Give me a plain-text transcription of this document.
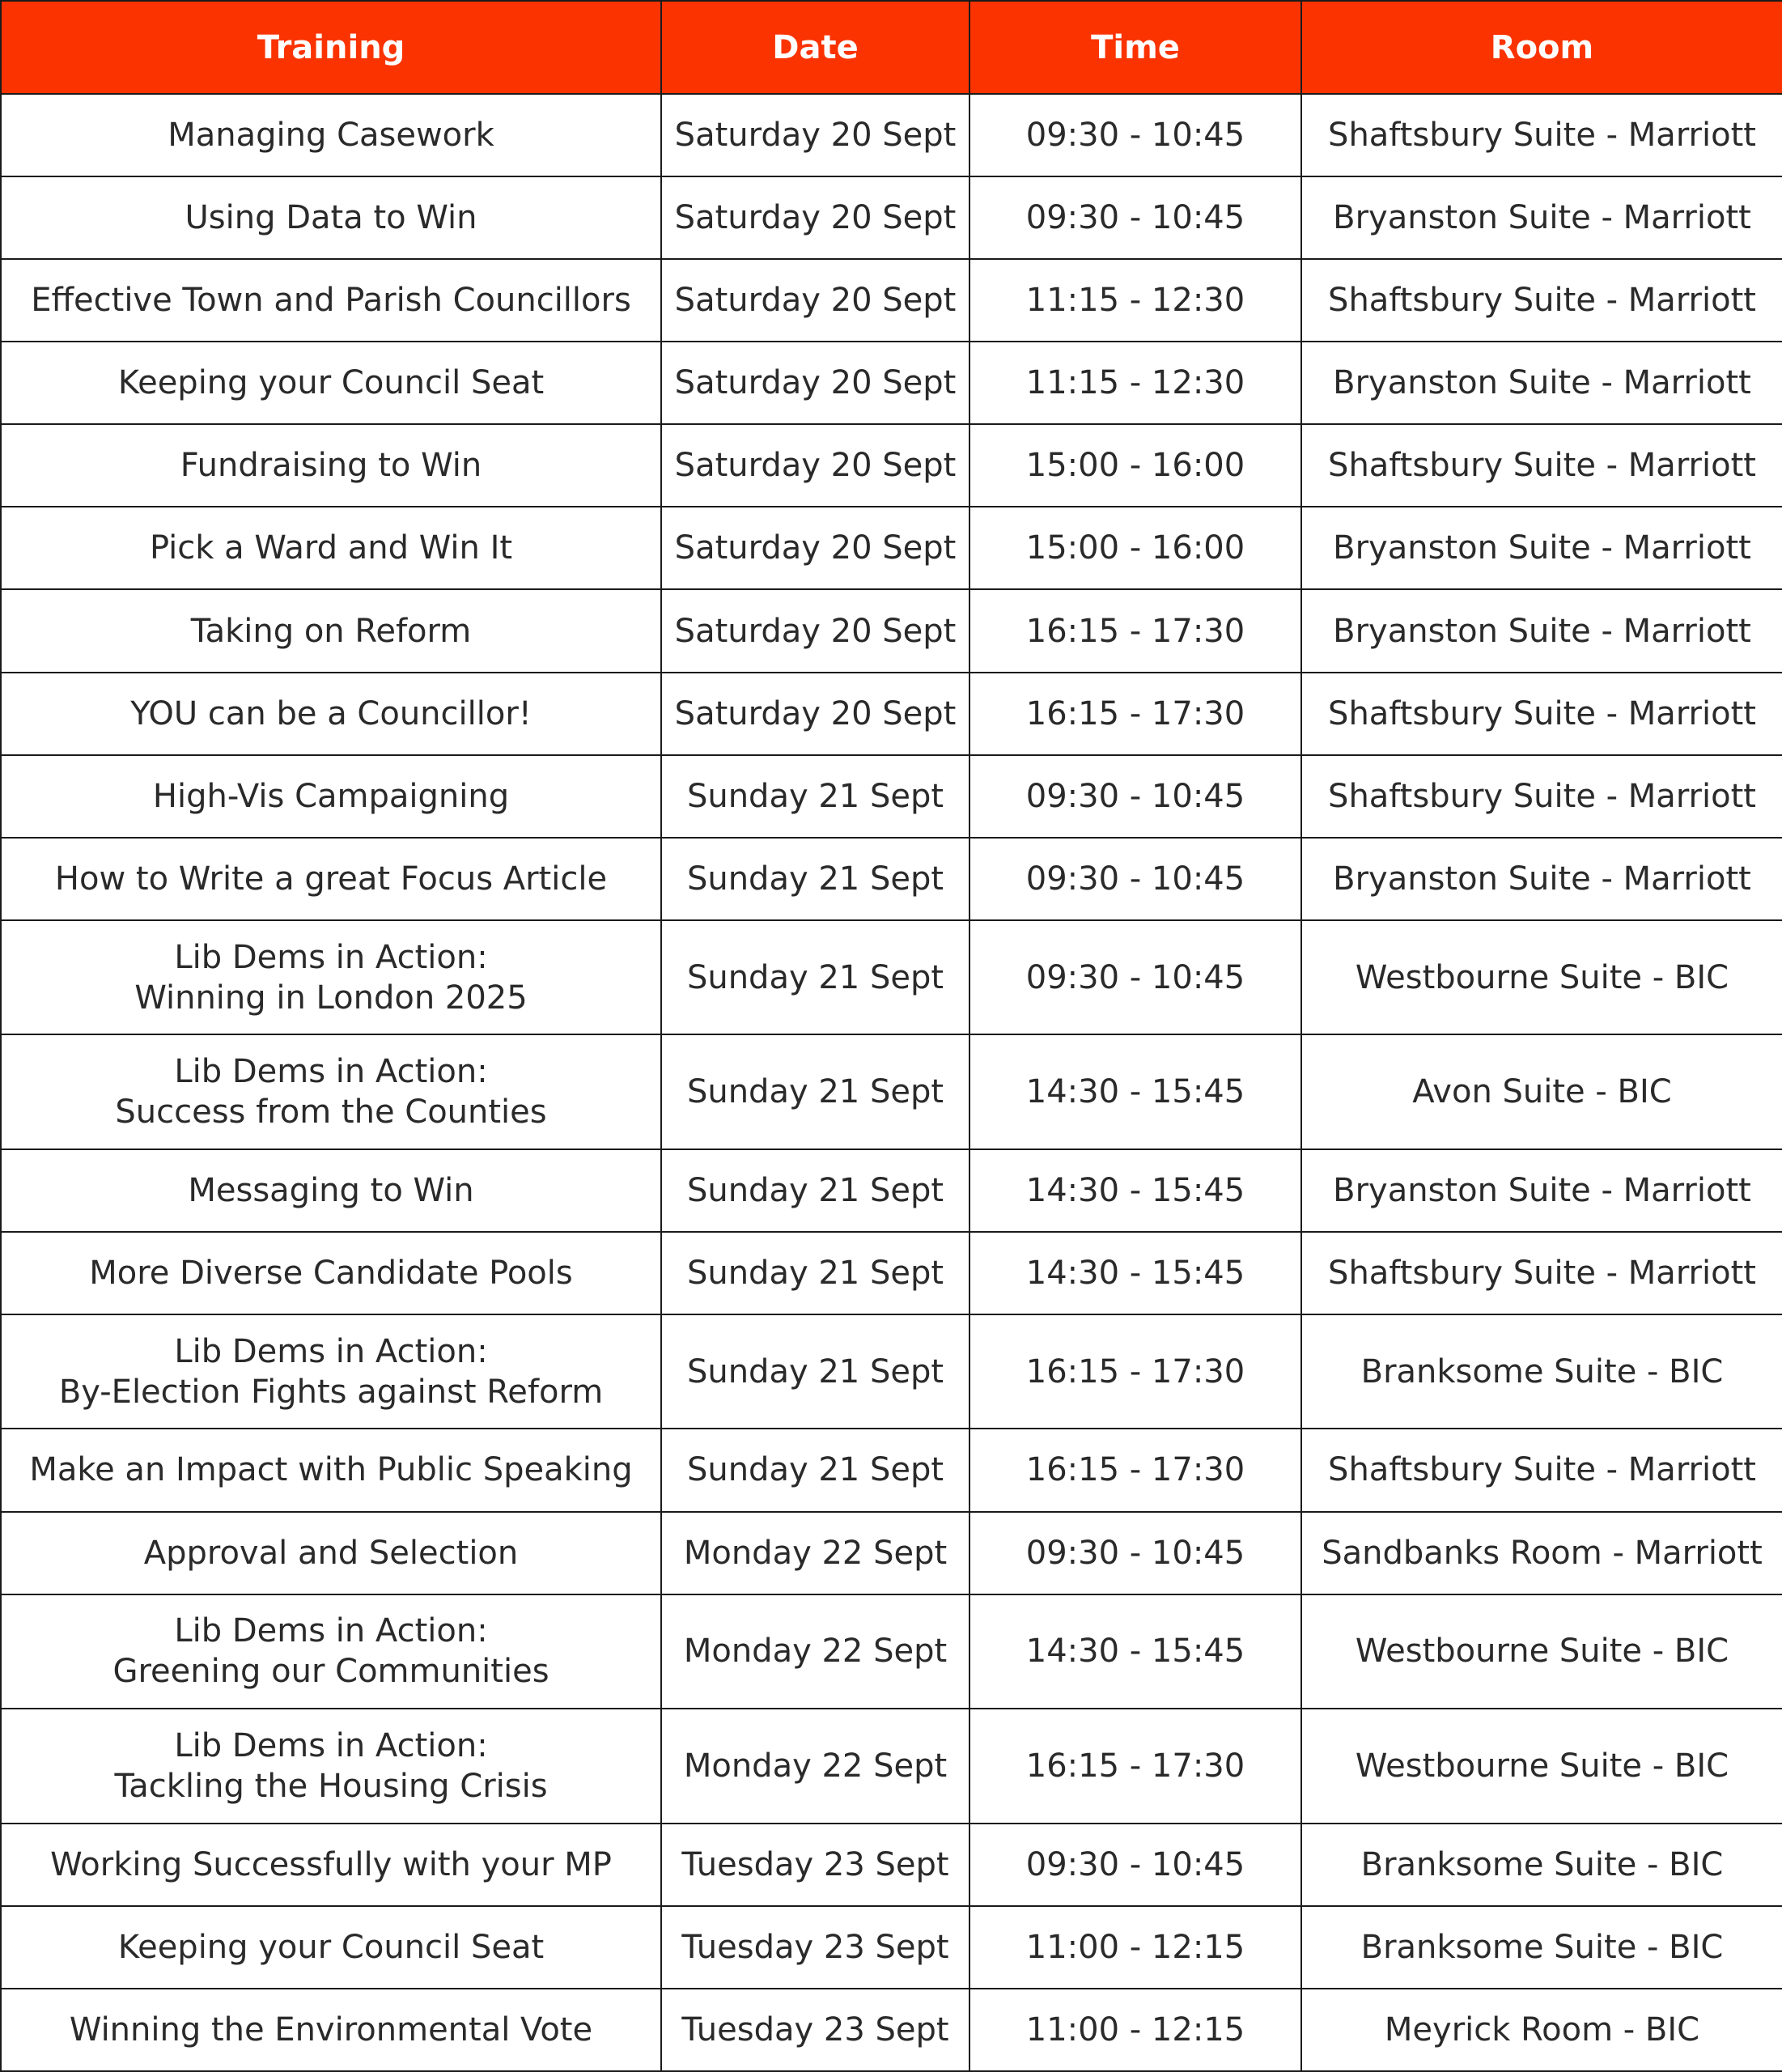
Training	Date	Time	Room

Managing Casework	Saturday 20 Sept	09:30 - 10:45	Shaftsbury Suite - Marriott

Using Data to Win	Saturday 20 Sept	09:30 - 10:45	Bryanston Suite - Marriott

Effective Town and Parish Councillors	Saturday 20 Sept	11:15 - 12:30	Shaftsbury Suite - Marriott

Keeping your Council Seat	Saturday 20 Sept	11:15 - 12:30	Bryanston Suite - Marriott

Fundraising to Win	Saturday 20 Sept	15:00 - 16:00	Shaftsbury Suite - Marriott

Pick a Ward and Win It	Saturday 20 Sept	15:00 - 16:00	Bryanston Suite - Marriott

Taking on Reform	Saturday 20 Sept	16:15 - 17:30	Bryanston Suite - Marriott

YOU can be a Councillor!	Saturday 20 Sept	16:15 - 17:30	Shaftsbury Suite - Marriott

High-Vis Campaigning	Sunday 21 Sept	09:30 - 10:45	Shaftsbury Suite - Marriott

How to Write a great Focus Article	Sunday 21 Sept	09:30 - 10:45	Bryanston Suite - Marriott

Lib Dems in Action:
Winning in London 2025	Sunday 21 Sept	09:30 - 10:45	Westbourne Suite - BIC

Lib Dems in Action:
Success from the Counties	Sunday 21 Sept	14:30 - 15:45	Avon Suite - BIC

Messaging to Win	Sunday 21 Sept	14:30 - 15:45	Bryanston Suite - Marriott

More Diverse Candidate Pools	Sunday 21 Sept	14:30 - 15:45	Shaftsbury Suite - Marriott

Lib Dems in Action:
By-Election Fights against Reform	Sunday 21 Sept	16:15 - 17:30	Branksome Suite - BIC

Make an Impact with Public Speaking	Sunday 21 Sept	16:15 - 17:30	Shaftsbury Suite - Marriott

Approval and Selection	Monday 22 Sept	09:30 - 10:45	Sandbanks Room - Marriott

Lib Dems in Action:
Greening our Communities	Monday 22 Sept	14:30 - 15:45	Westbourne Suite - BIC

Lib Dems in Action:
Tackling the Housing Crisis	Monday 22 Sept	16:15 - 17:30	Westbourne Suite - BIC

Working Successfully with your MP	Tuesday 23 Sept	09:30 - 10:45	Branksome Suite - BIC

Keeping your Council Seat	Tuesday 23 Sept	11:00 - 12:15	Branksome Suite - BIC

Winning the Environmental Vote	Tuesday 23 Sept	11:00 - 12:15	Meyrick Room - BIC
